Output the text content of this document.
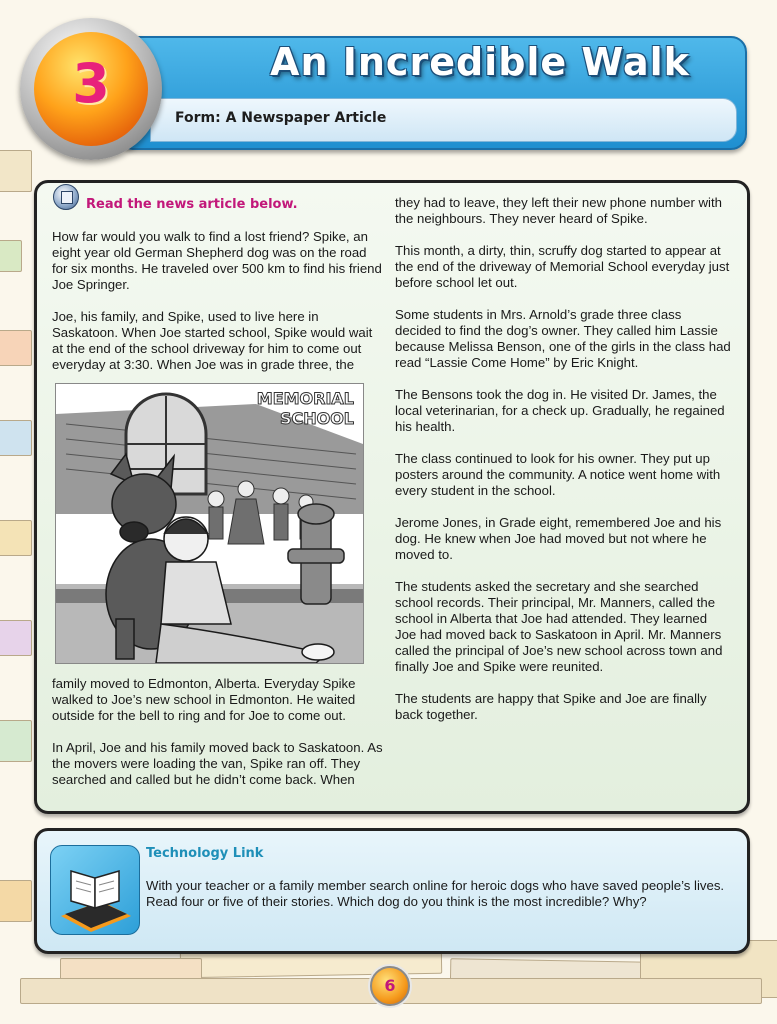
An Incredible Walk
Form: A Newspaper Article
3
Read the news article below.

How far would you walk to find a lost friend? Spike, an eight year old German Shepherd dog was on the road for six months. He traveled over 500 km to find his friend Joe Springer.

Joe, his family, and Spike, used to live here in Saskatoon. When Joe started school, Spike would wait at the end of the school driveway for him to come out everyday at 3:30. When Joe was in grade three, the

MEMORIAL
SCHOOL

family moved to Edmonton, Alberta. Everyday Spike walked to Joe’s new school in Edmonton. He waited outside for the bell to ring and for Joe to come out.

In April, Joe and his family moved back to Saskatoon. As the movers were loading the van, Spike ran off. They searched and called but he didn’t come back. When

they had to leave, they left their new phone number with the neighbours. They never heard of Spike.

This month, a dirty, thin, scruffy dog started to appear at the end of the driveway of Memorial School everyday just before school let out.

Some students in Mrs. Arnold’s grade three class decided to find the dog’s owner. They called him Lassie because Melissa Benson, one of the girls in the class had read “Lassie Come Home” by Eric Knight.

The Bensons took the dog in. He visited Dr. James, the local veterinarian, for a check up. Gradually, he regained his health.

The class continued to look for his owner. They put up posters around the community. A notice went home with every student in the school.

Jerome Jones, in Grade eight, remembered Joe and his dog. He knew when Joe had moved but not where he moved to.

The students asked the secretary and she searched school records. Their principal, Mr. Manners, called the school in Alberta that Joe had attended. They learned Joe had moved back to Saskatoon in April. Mr. Manners called the principal of Joe’s new school across town and finally Joe and Spike were reunited.

The students are happy that Spike and Joe are finally back together.

Technology Link
With your teacher or a family member search online for heroic dogs who have saved people’s lives. Read four or five of their stories. Which dog do you think is the most incredible? Why?
6
